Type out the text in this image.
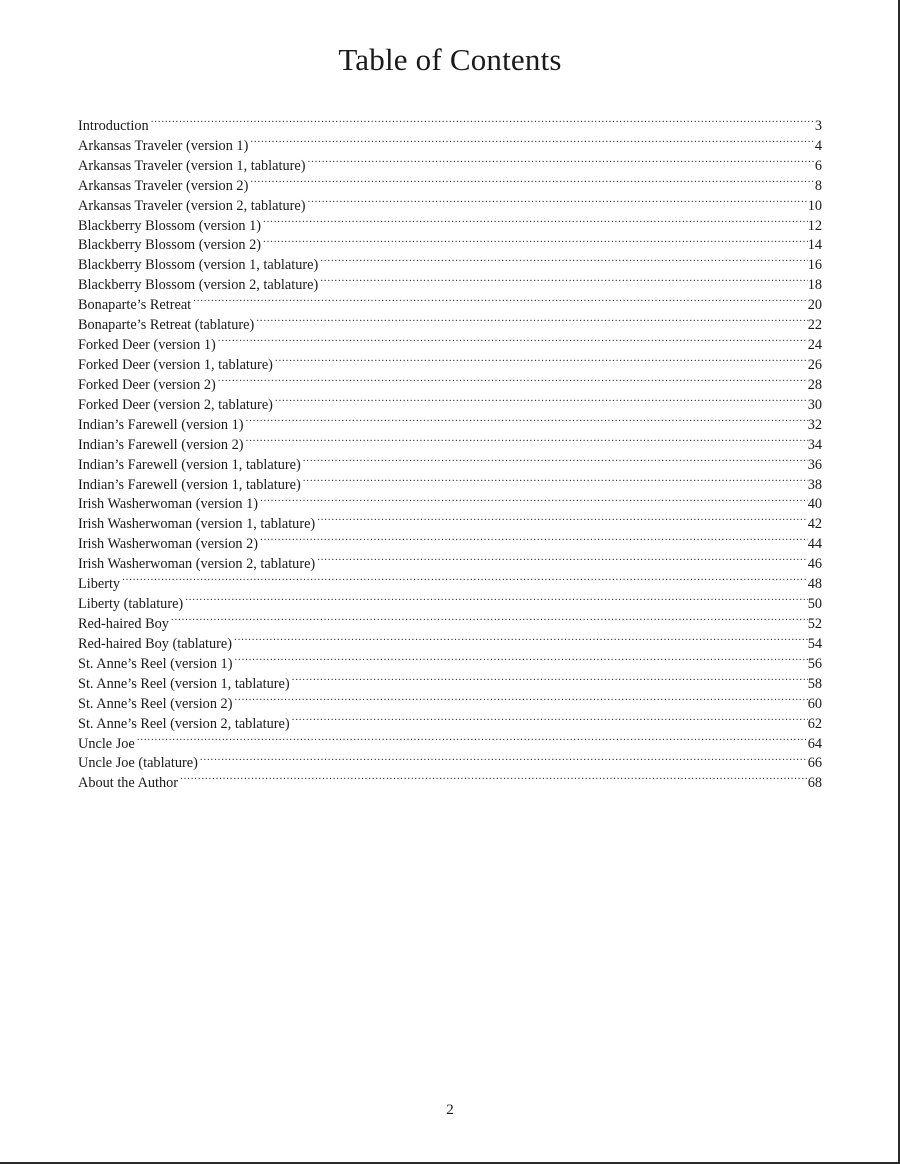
Table of Contents
Introduction .....	3
Arkansas Traveler (version 1) .....	4
Arkansas Traveler (version 1, tablature) .....	6
Arkansas Traveler (version 2) .....	8
Arkansas Traveler (version 2, tablature) .....	10
Blackberry Blossom (version 1) .....	12
Blackberry Blossom (version 2) .....	14
Blackberry Blossom (version 1, tablature) .....	16
Blackberry Blossom (version 2, tablature) .....	18
Bonaparte’s Retreat .....	20
Bonaparte’s Retreat (tablature) .....	22
Forked Deer (version 1) .....	24
Forked Deer (version 1, tablature) .....	26
Forked Deer (version 2) .....	28
Forked Deer (version 2, tablature) .....	30
Indian’s Farewell (version 1) .....	32
Indian’s Farewell (version 2) .....	34
Indian’s Farewell (version 1, tablature) .....	36
Indian’s Farewell (version 1, tablature) .....	38
Irish Washerwoman (version 1) .....	40
Irish Washerwoman (version 1, tablature) .....	42
Irish Washerwoman (version 2) .....	44
Irish Washerwoman (version 2, tablature) .....	46
Liberty .....	48
Liberty (tablature) .....	50
Red-haired Boy .....	52
Red-haired Boy (tablature) .....	54
St. Anne’s Reel (version 1) .....	56
St. Anne’s Reel (version 1, tablature) .....	58
St. Anne’s Reel (version 2) .....	60
St. Anne’s Reel (version 2, tablature) .....	62
Uncle Joe .....	64
Uncle Joe (tablature) .....	66
About the Author .....	68
2
